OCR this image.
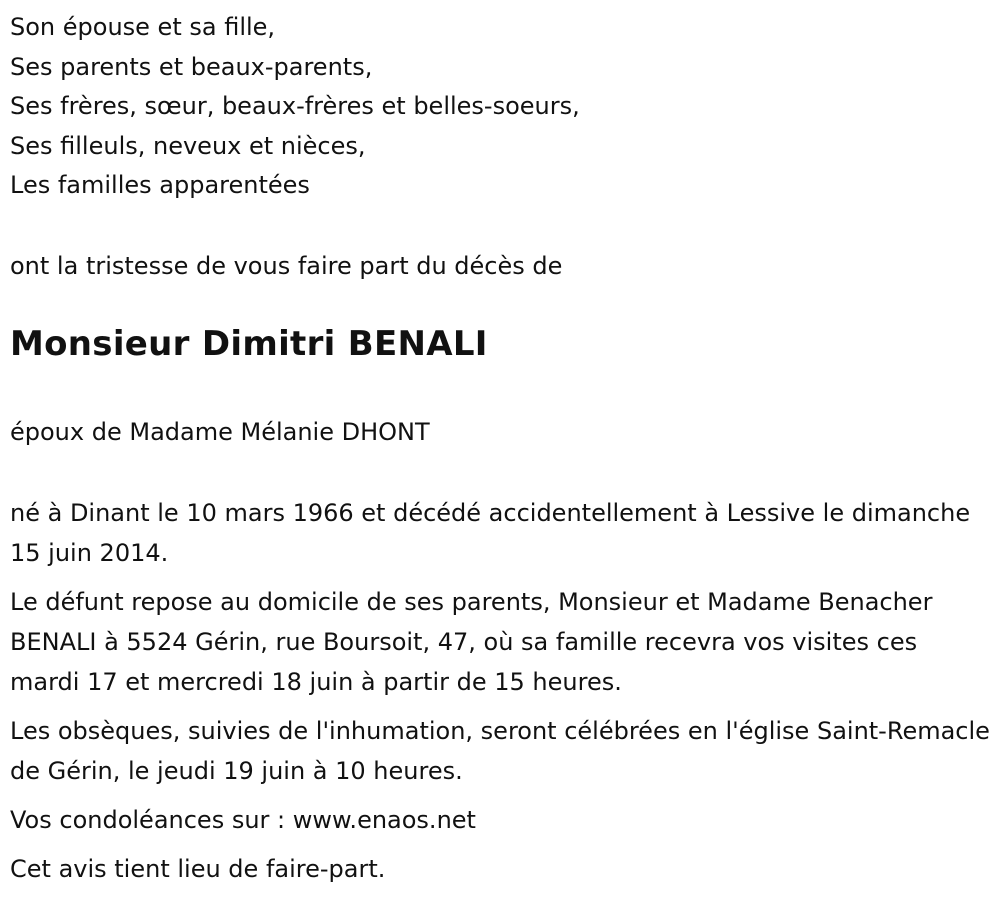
Son épouse et sa fille,
Ses parents et beaux-parents,
Ses frères, sœur, beaux-frères et belles-soeurs,
Ses filleuls, neveux et nièces,
Les familles apparentées
ont la tristesse de vous faire part du décès de
Monsieur Dimitri BENALI
époux de Madame Mélanie DHONT

né à Dinant le 10 mars 1966 et décédé accidentellement à Lessive le dimanche 15 juin 2014.

Le défunt repose au domicile de ses parents, Monsieur et Madame Benacher BENALI à 5524 Gérin, rue Boursoit, 47, où sa famille recevra vos visites ces mardi 17 et mercredi 18 juin à partir de 15 heures.

Les obsèques, suivies de l'inhumation, seront célébrées en l'église Saint-Remacle de Gérin, le jeudi 19 juin à 10 heures.

Vos condoléances sur : www.enaos.net

Cet avis tient lieu de faire-part.
